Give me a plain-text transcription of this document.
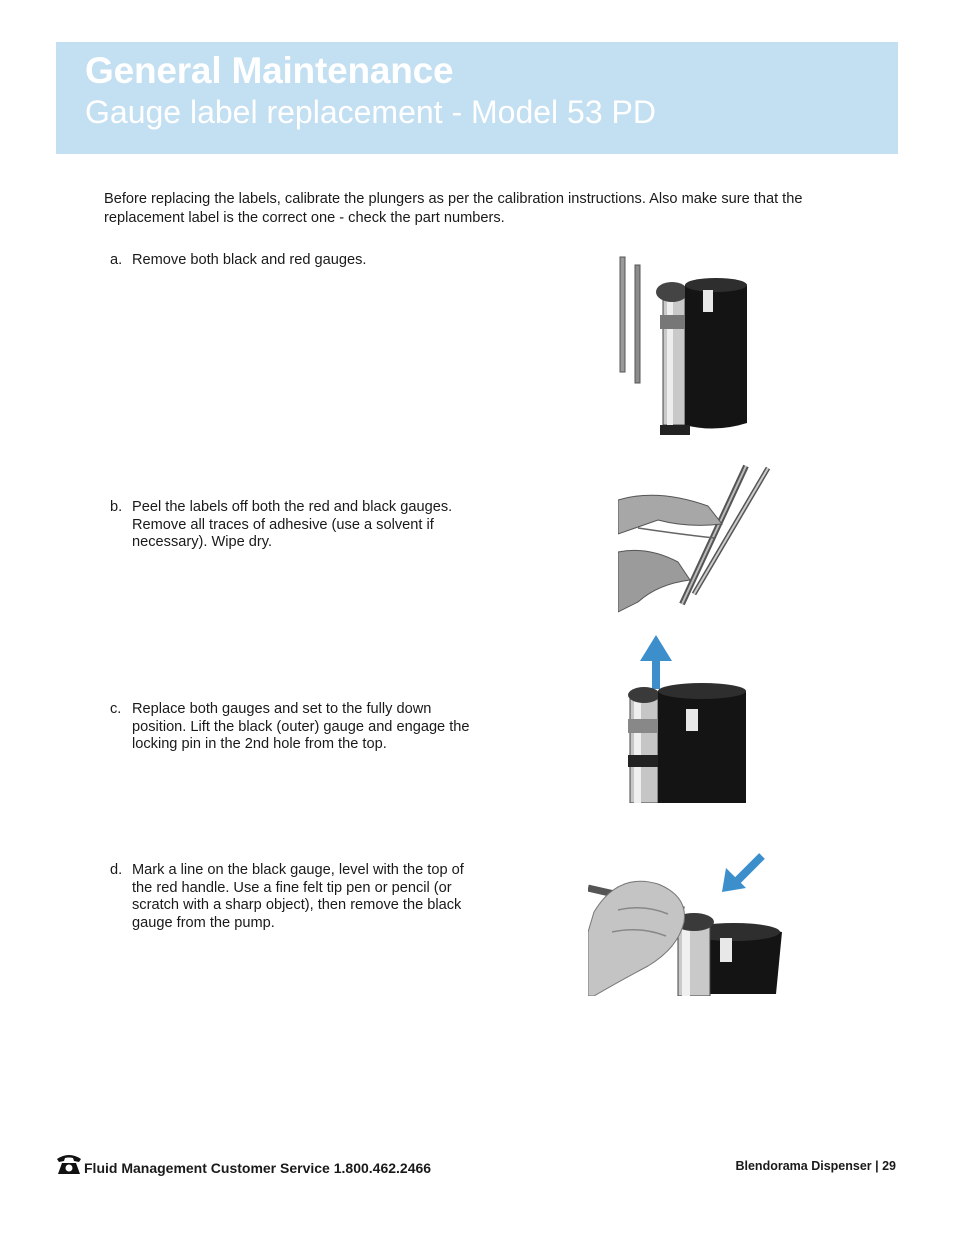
General Maintenance
Gauge label replacement - Model 53 PD
Before replacing the labels, calibrate the plungers as per the calibration instructions. Also make sure that the replacement label is the correct one - check the part numbers.
a. Remove both black and red gauges.
b. Peel the labels off both the red and black gauges. Remove all traces of adhesive (use a solvent if necessary). Wipe dry.
c. Replace both gauges and set to the fully down position. Lift the black (outer) gauge and engage the locking pin in the 2nd hole from the top.
d. Mark a line on the black gauge, level with the top of the red handle. Use a fine felt tip pen or pencil (or scratch with a sharp object), then remove the black gauge from the pump.
Fluid Management Customer Service 1.800.462.2466	Blendorama Dispenser | 29
